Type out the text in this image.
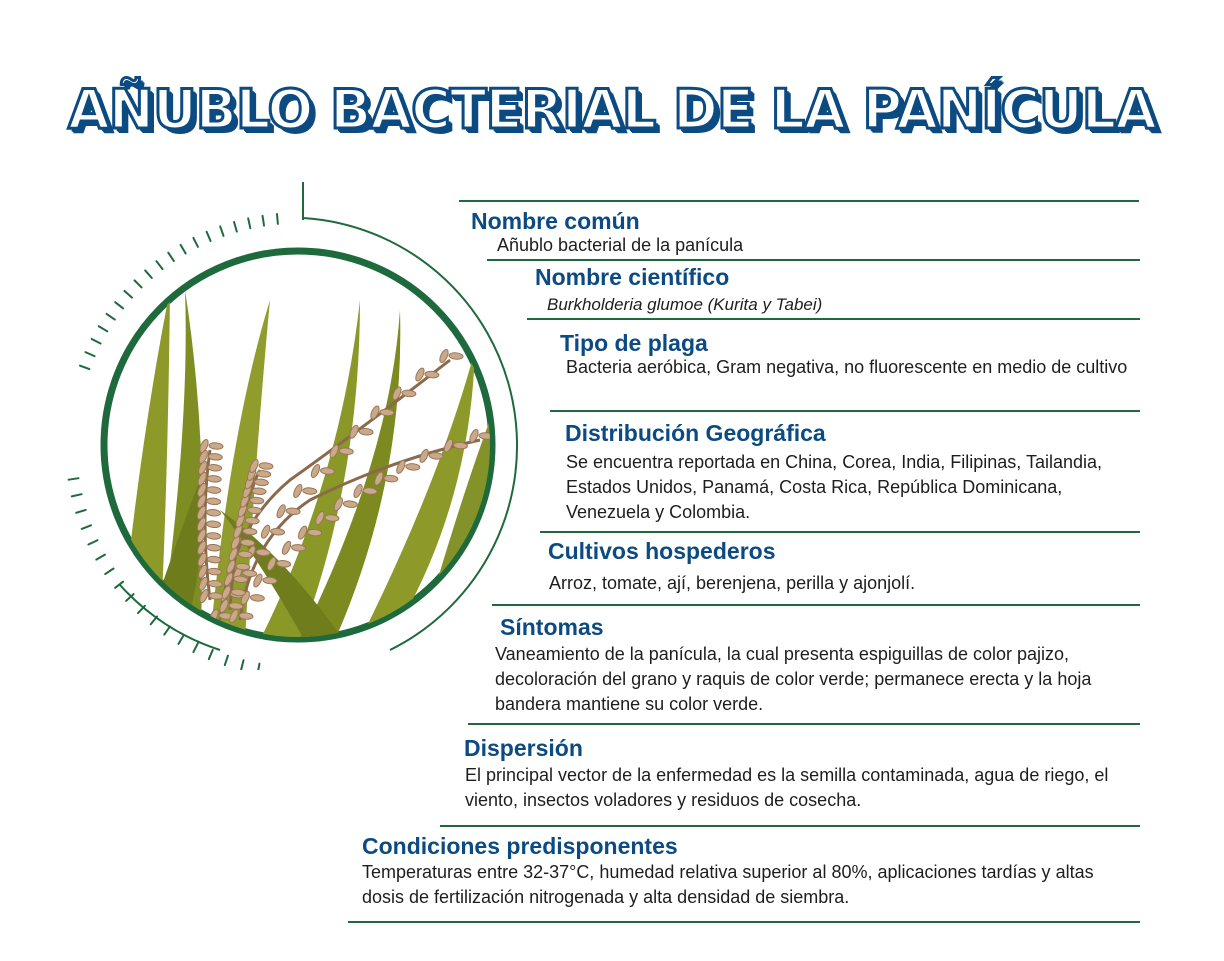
AÑUBLO BACTERIAL DE LA PANÍCULA
Nombre común

Añublo bacterial de la panícula

Nombre científico

Burkholderia glumoe (Kurita y Tabei)

Tipo de plaga

Bacteria aeróbica, Gram negativa, no fluorescente en medio de cultivo

Distribución Geográfica

Se encuentra reportada en China, Corea, India, Filipinas, Tailandia, Estados Unidos, Panamá, Costa Rica, República Dominicana, Venezuela y Colombia.

Cultivos hospederos

Arroz, tomate, ají, berenjena, perilla y ajonjolí.

Síntomas

Vaneamiento de la panícula, la cual presenta espiguillas de color pajizo, decoloración del grano y raquis de color verde; permanece erecta y la hoja bandera mantiene su color verde.

Dispersión

El principal vector de la enfermedad es la semilla contaminada, agua de riego, el viento, insectos voladores y residuos de cosecha.

Condiciones predisponentes

Temperaturas entre 32-37°C, humedad relativa superior al 80%, aplicaciones tardías y altas dosis de fertilización nitrogenada y alta densidad de siembra.
